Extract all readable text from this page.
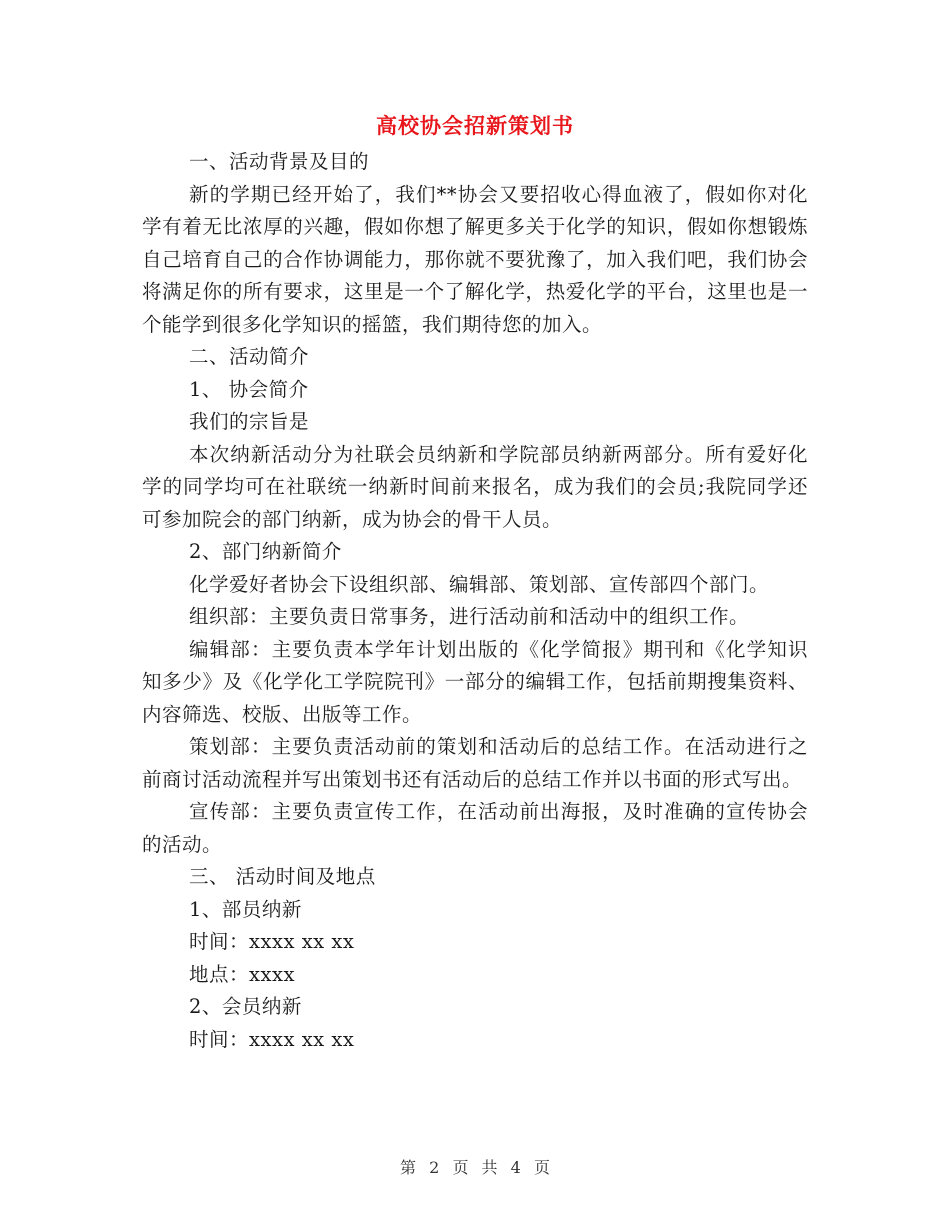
高校协会招新策划书

一、活动背景及目的

新的学期已经开始了，我们**协会又要招收心得血液了，假如你对化学有着无比浓厚的兴趣，假如你想了解更多关于化学的知识，假如你想锻炼自己培育自己的合作协调能力，那你就不要犹豫了，加入我们吧，我们协会将满足你的所有要求，这里是一个了解化学，热爱化学的平台，这里也是一个能学到很多化学知识的摇篮，我们期待您的加入。

二、活动简介

1、 协会简介

我们的宗旨是

本次纳新活动分为社联会员纳新和学院部员纳新两部分。所有爱好化学的同学均可在社联统一纳新时间前来报名，成为我们的会员;我院同学还可参加院会的部门纳新，成为协会的骨干人员。

2、部门纳新简介

化学爱好者协会下设组织部、编辑部、策划部、宣传部四个部门。

组织部：主要负责日常事务，进行活动前和活动中的组织工作。

编辑部：主要负责本学年计划出版的《化学简报》期刊和《化学知识知多少》及《化学化工学院院刊》一部分的编辑工作，包括前期搜集资料、内容筛选、校版、出版等工作。

策划部：主要负责活动前的策划和活动后的总结工作。在活动进行之前商讨活动流程并写出策划书还有活动后的总结工作并以书面的形式写出。

宣传部：主要负责宣传工作，在活动前出海报，及时准确的宣传协会的活动。

三、 活动时间及地点

1、部员纳新

时间：xxxx xx xx

地点：xxxx

2、会员纳新

时间：xxxx xx xx

第 2 页 共 4 页
